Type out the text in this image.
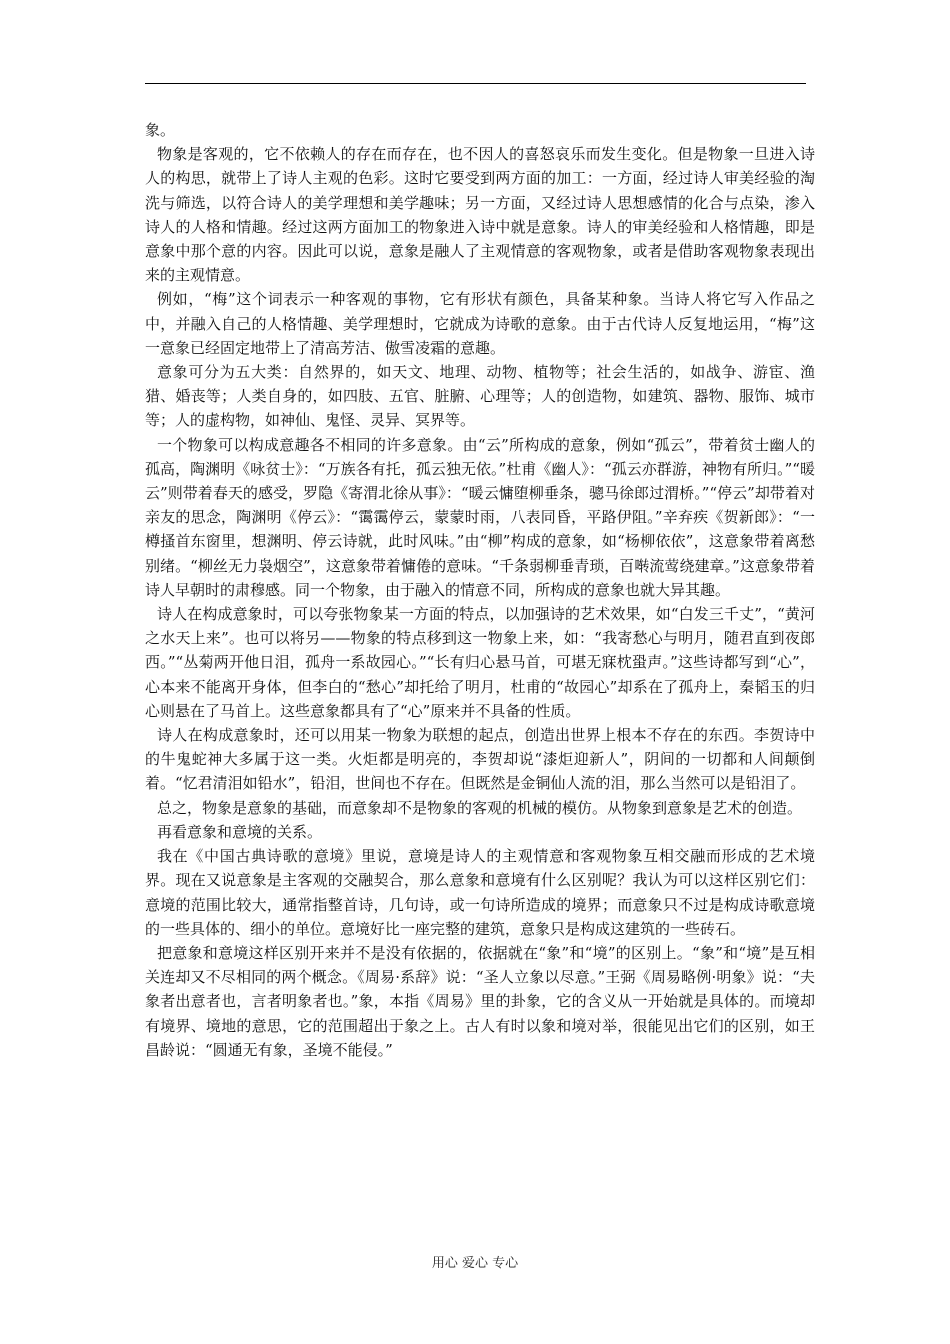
象。

物象是客观的，它不依赖人的存在而存在，也不因人的喜怒哀乐而发生变化。但是物象一旦进入诗人的构思，就带上了诗人主观的色彩。这时它要受到两方面的加工：一方面，经过诗人审美经验的淘洗与筛选，以符合诗人的美学理想和美学趣味；另一方面，又经过诗人思想感情的化合与点染，渗入诗人的人格和情趣。经过这两方面加工的物象进入诗中就是意象。诗人的审美经验和人格情趣，即是意象中那个意的内容。因此可以说，意象是融人了主观情意的客观物象，或者是借助客观物象表现出来的主观情意。

例如，“梅”这个词表示一种客观的事物，它有形状有颜色，具备某种象。当诗人将它写入作品之中，并融入自己的人格情趣、美学理想时，它就成为诗歌的意象。由于古代诗人反复地运用，“梅”这一意象已经固定地带上了清高芳洁、傲雪凌霜的意趣。

意象可分为五大类：自然界的，如天文、地理、动物、植物等；社会生活的，如战争、游宦、渔猎、婚丧等；人类自身的，如四肢、五官、脏腑、心理等；人的创造物，如建筑、器物、服饰、城市等；人的虚构物，如神仙、鬼怪、灵异、冥界等。

一个物象可以构成意趣各不相同的许多意象。由“云”所构成的意象，例如“孤云”，带着贫士幽人的孤高，陶渊明《咏贫士》：“万族各有托，孤云独无依。”杜甫《幽人》：“孤云亦群游，神物有所归。”“暖云”则带着春天的感受，罗隐《寄渭北徐从事》：“暖云慵堕柳垂条，骢马徐郎过渭桥。”“停云”却带着对亲友的思念，陶渊明《停云》：“霭霭停云，蒙蒙时雨，八表同昏，平路伊阻。”辛弃疾《贺新郎》：“一樽搔首东窗里，想渊明、停云诗就，此时风味。”由“柳”构成的意象，如“杨柳依依”，这意象带着离愁别绪。“柳丝无力袅烟空”，这意象带着慵倦的意味。“千条弱柳垂青琐，百啭流莺绕建章。”这意象带着诗人早朝时的肃穆感。同一个物象，由于融入的情意不同，所构成的意象也就大异其趣。

诗人在构成意象时，可以夸张物象某一方面的特点，以加强诗的艺术效果，如“白发三千丈”，“黄河之水天上来”。也可以将另——物象的特点移到这一物象上来，如：“我寄愁心与明月，随君直到夜郎西。”“丛菊两开他日泪，孤舟一系故园心。”“长有归心悬马首，可堪无寐枕蛩声。”这些诗都写到“心”，心本来不能离开身体，但李白的“愁心”却托给了明月，杜甫的“故园心”却系在了孤舟上，秦韬玉的归心则悬在了马首上。这些意象都具有了“心”原来并不具备的性质。

诗人在构成意象时，还可以用某一物象为联想的起点，创造出世界上根本不存在的东西。李贺诗中的牛鬼蛇神大多属于这一类。火炬都是明亮的，李贺却说“漆炬迎新人”，阴间的一切都和人间颠倒着。“忆君清泪如铅水”，铅泪，世间也不存在。但既然是金铜仙人流的泪，那么当然可以是铅泪了。

总之，物象是意象的基础，而意象却不是物象的客观的机械的模仿。从物象到意象是艺术的创造。

再看意象和意境的关系。

我在《中国古典诗歌的意境》里说，意境是诗人的主观情意和客观物象互相交融而形成的艺术境界。现在又说意象是主客观的交融契合，那么意象和意境有什么区别呢？我认为可以这样区别它们：意境的范围比较大，通常指整首诗，几句诗，或一句诗所造成的境界；而意象只不过是构成诗歌意境的一些具体的、细小的单位。意境好比一座完整的建筑，意象只是构成这建筑的一些砖石。

把意象和意境这样区别开来并不是没有依据的，依据就在“象”和“境”的区别上。“象”和“境”是互相关连却又不尽相同的两个概念。《周易·系辞》说：“圣人立象以尽意。”王弼《周易略例·明象》说：“夫象者出意者也，言者明象者也。”象，本指《周易》里的卦象，它的含义从一开始就是具体的。而境却有境界、境地的意思，它的范围超出于象之上。古人有时以象和境对举，很能见出它们的区别，如王昌龄说：“圆通无有象，圣境不能侵。”

用心 爱心 专心
